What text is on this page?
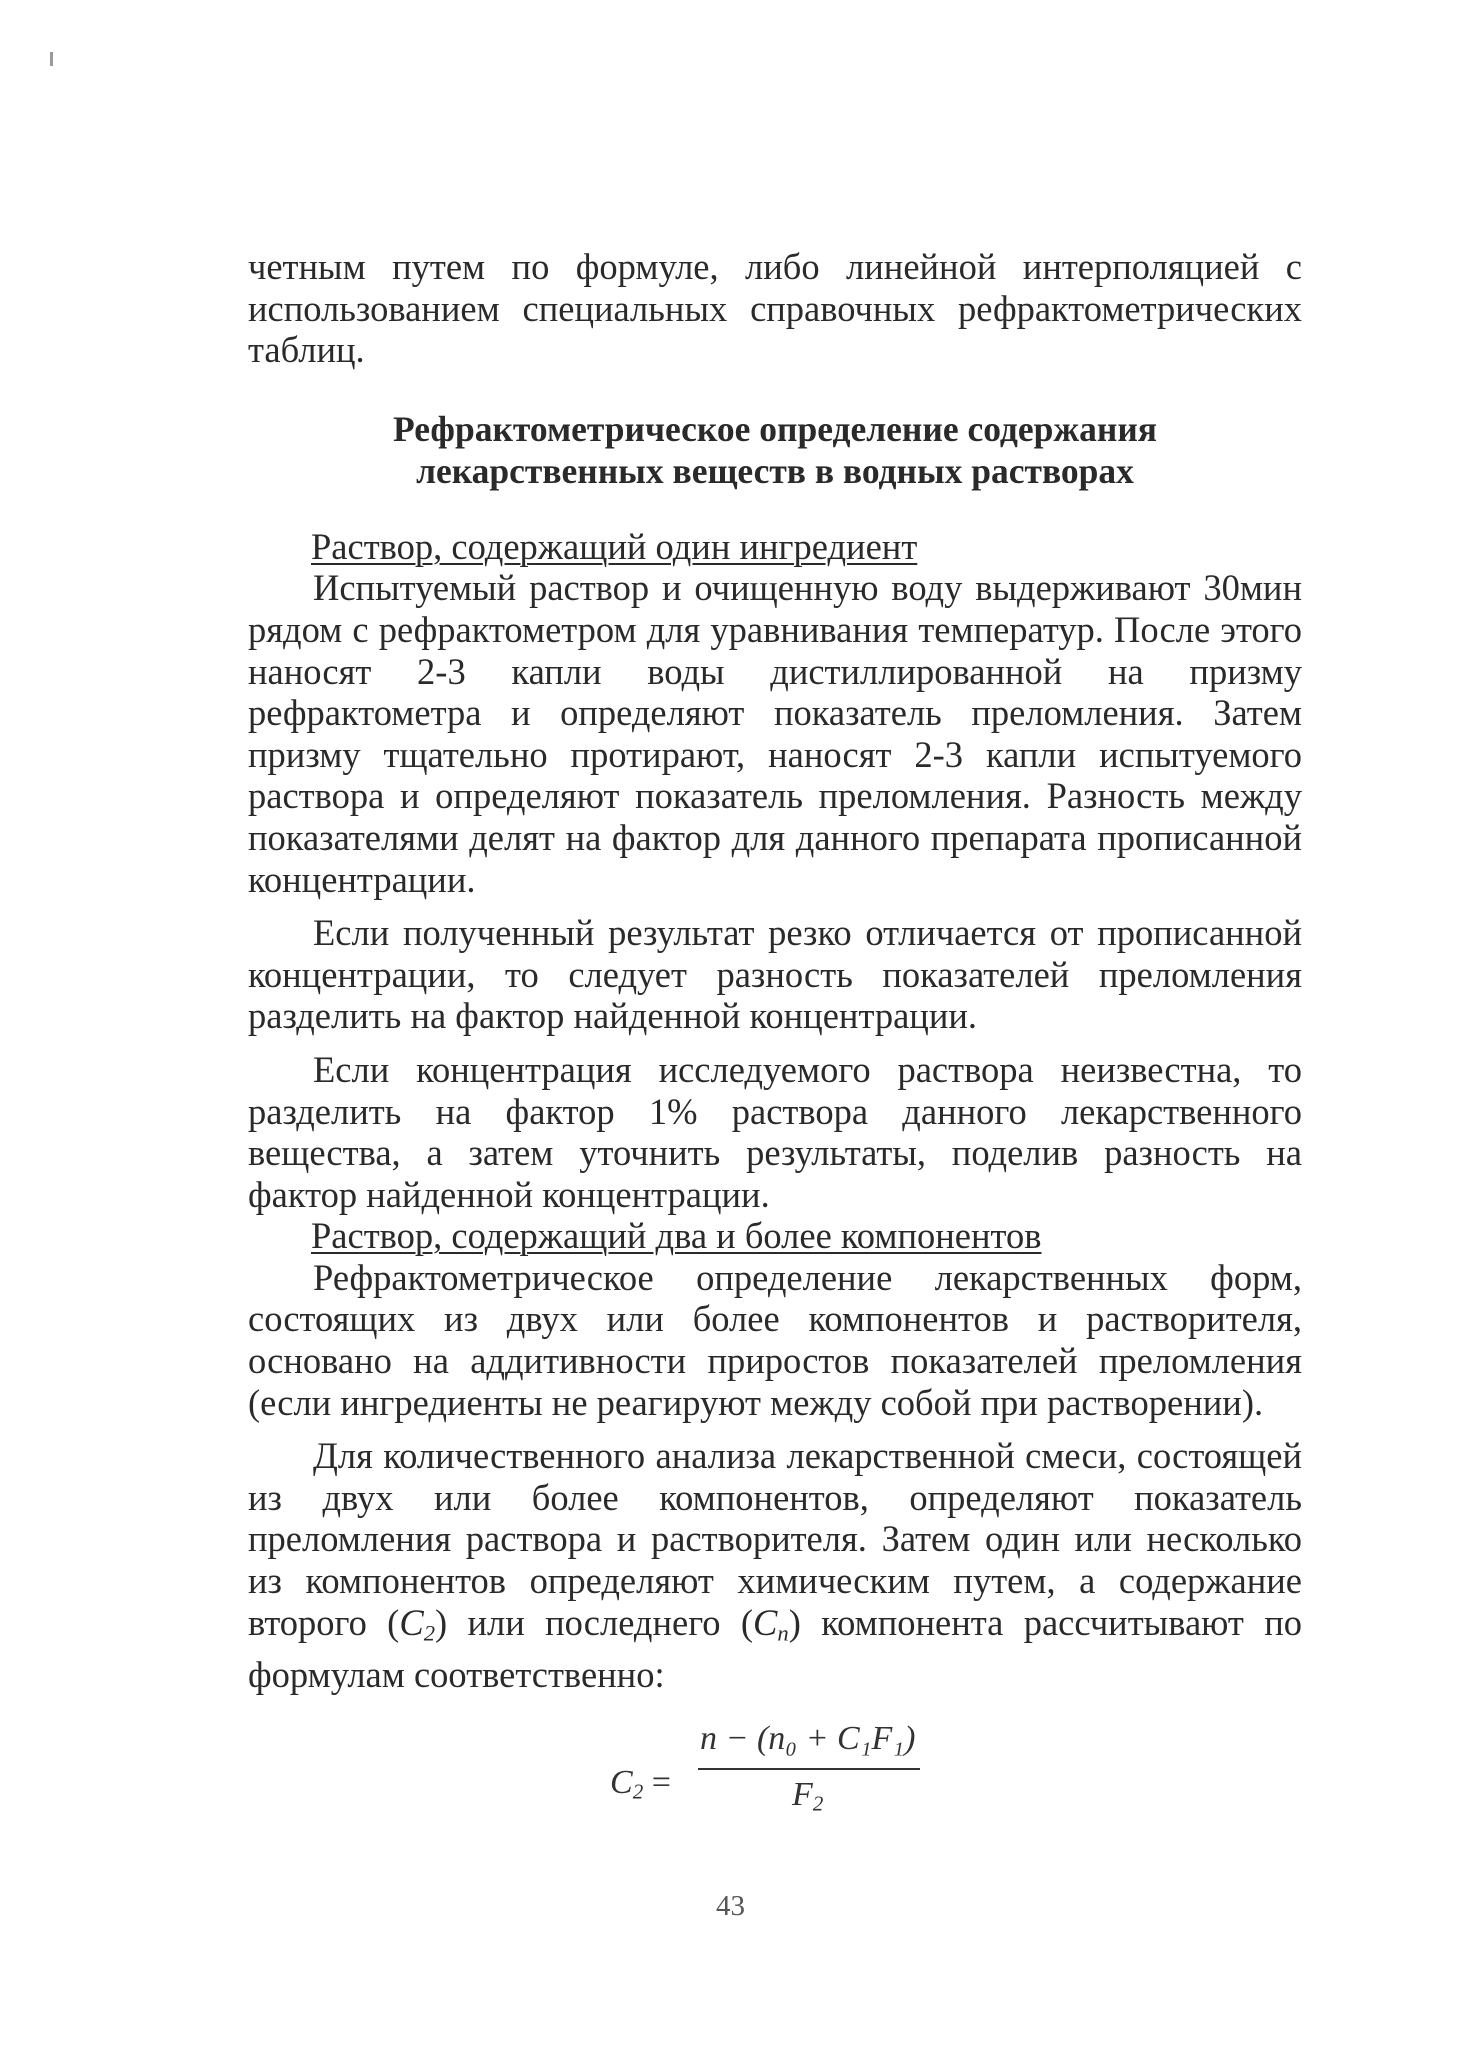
четным путем по формуле, либо линейной интерполяцией с использованием специальных справочных рефрактометрических таблиц.

Рефрактометрическое определение содержания
лекарственных веществ в водных растворах

Раствор, содержащий один ингредиент

Испытуемый раствор и очищенную воду выдерживают 30мин рядом с рефрактометром для уравнивания температур. После этого наносят 2-3 капли воды дистиллированной на призму рефрактометра и определяют показатель преломления. Затем призму тщательно протирают, наносят 2-3 капли испытуемого раствора и определяют показатель преломления. Разность между показателями делят на фактор для данного препарата прописанной концентрации.

Если полученный результат резко отличается от прописанной концентрации, то следует разность показателей преломления разделить на фактор найденной концентрации.

Если концентрация исследуемого раствора неизвестна, то разделить на фактор 1% раствора данного лекарственного вещества, а затем уточнить результаты, поделив разность на фактор найденной концентрации.

Раствор, содержащий два и более компонентов

Рефрактометрическое определение лекарственных форм, состоящих из двух или более компонентов и растворителя, основано на аддитивности приростов показателей преломления (если ингредиенты не реагируют между собой при растворении).

Для количественного анализа лекарственной смеси, состоящей из двух или более компонентов, определяют показатель преломления раствора и растворителя. Затем один или несколько из компонентов определяют химическим путем, а содержание второго $(C_2)$ или последнего $(C_n)$ компонента рассчитывают по формулам соответственно:

$C_2$ =
n − (n₀ + C₁F₁)
$F_2$
43
